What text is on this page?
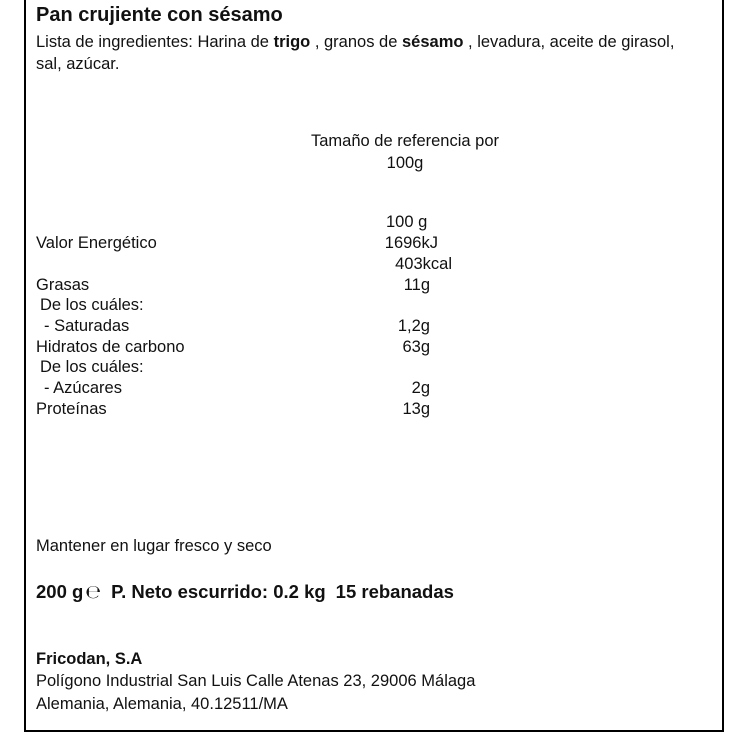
Pan crujiente con sésamo
Lista de ingredientes: Harina de trigo , granos de sésamo , levadura, aceite de girasol, sal, azúcar.
Tamaño de referencia por 100g
100 g
Valor Energético	1696kJ
403kcal
Grasas	11g
De los cuáles:
- Saturadas	1,2g
Hidratos de carbono	63g
De los cuáles:
- Azúcares	2g
Proteínas	13g
Mantener en lugar fresco y seco
200 g ℮ P. Neto escurrido: 0.2 kg 15 rebanadas
Fricodan, S.A
Polígono Industrial San Luis Calle Atenas 23, 29006 Málaga
Alemania, Alemania, 40.12511/MA
